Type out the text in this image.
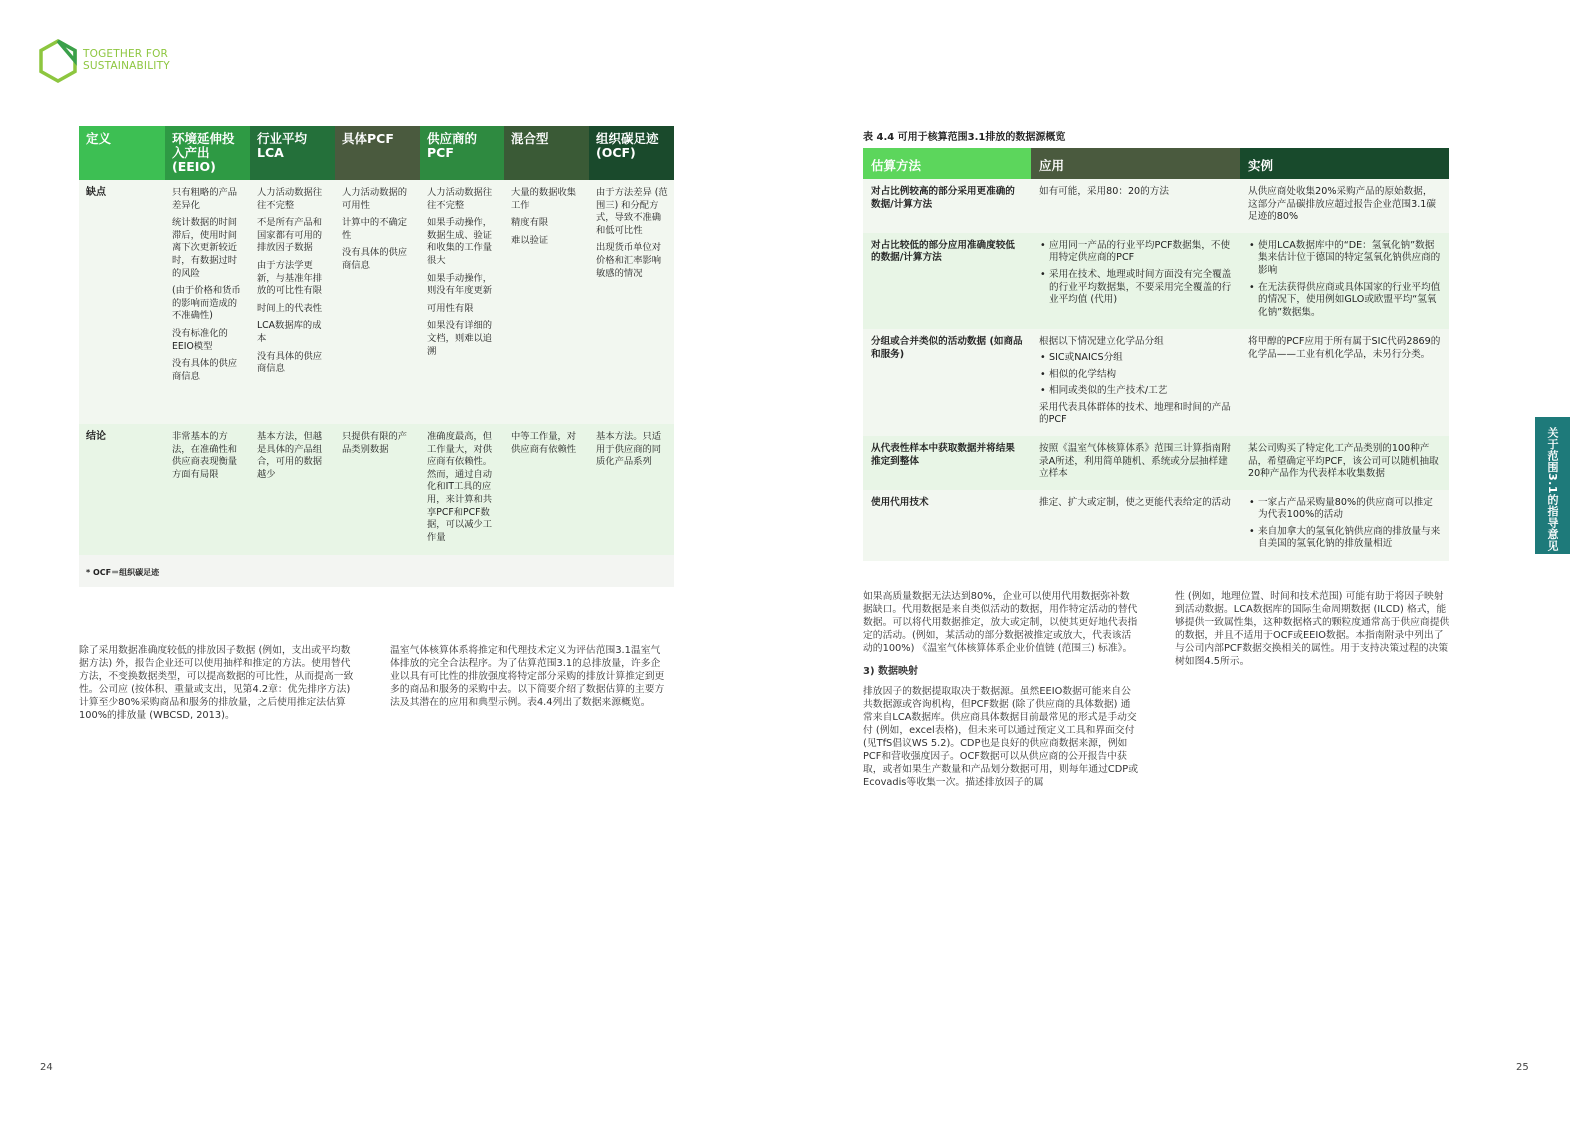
TOGETHER FOR
SUSTAINABILITY
定义	环境延伸投入产出 (EEIO)
行业平均 LCA
具体PCF	供应商的 PCF
混合型	组织碳足迹 (OCF)
缺点	只有粗略的产品差异化

统计数据的时间滞后，使用时间离下次更新较近时，有数据过时的风险

(由于价格和货币的影响而造成的不准确性)

没有标准化的EEIO模型

没有具体的供应商信息

人力活动数据往往不完整

不是所有产品和国家都有可用的排放因子数据

由于方法学更新，与基准年排放的可比性有限

时间上的代表性

LCA数据库的成本

没有具体的供应商信息

人力活动数据的可用性

计算中的不确定性

没有具体的供应商信息

人力活动数据往往不完整

如果手动操作，数据生成、验证和收集的工作量很大

如果手动操作，则没有年度更新

可用性有限

如果没有详细的文档，则难以追溯

大量的数据收集工作

精度有限

难以验证

由于方法差异 (范围三) 和分配方式，导致不准确和低可比性

出现货币单位对价格和汇率影响敏感的情况

结论	非常基本的方法，在准确性和供应商表现衡量方面有局限

基本方法，但越是具体的产品组合，可用的数据越少

只提供有限的产品类别数据

准确度最高，但工作量大，对供应商有依赖性。然而，通过自动化和IT工具的应用，来计算和共享PCF和PCF数据，可以减少工作量

中等工作量，对供应商有依赖性

基本方法。只适用于供应商的同质化产品系列

* OCF＝组织碳足迹

除了采用数据准确度较低的排放因子数据 (例如，支出或平均数据方法) 外，报告企业还可以使用抽样和推定的方法。使用替代方法，不变换数据类型，可以提高数据的可比性，从而提高一致性。公司应 (按体积、重量或支出，见第4.2章：优先排序方法) 计算至少80%采购商品和服务的排放量，之后使用推定法估算100%的排放量 (WBCSD, 2013)。

温室气体核算体系将推定和代理技术定义为评估范围3.1温室气体排放的完全合法程序。为了估算范围3.1的总排放量，许多企业以具有可比性的排放强度将特定部分采购的排放计算推定到更多的商品和服务的采购中去。以下简要介绍了数据估算的主要方法及其潜在的应用和典型示例。表4.4列出了数据来源概览。

表 4.4 可用于核算范围3.1排放的数据源概览
估算方法	应用	实例
对占比例较高的部分采用更准确的数据/计算方法

如有可能，采用80：20的方法	从供应商处收集20%采购产品的原始数据，这部分产品碳排放应超过报告企业范围3.1碳足迹的80%

对占比较低的部分应用准确度较低的数据/计算方法
• 应用同一产品的行业平均PCF数据集，不使用特定供应商的PCF
• 采用在技术、地理或时间方面没有完全覆盖的行业平均数据集，不要采用完全覆盖的行业平均值 (代用)
• 使用LCA数据库中的“DE：氢氧化钠”数据集来估计位于德国的特定氢氧化钠供应商的影响
• 在无法获得供应商或具体国家的行业平均值的情况下，使用例如GLO或欧盟平均“氢氧化钠”数据集。
分组或合并类似的活动数据 (如商品和服务)

根据以下情况建立化学品分组

• SIC或NAICS分组
• 相似的化学结构
• 相同或类似的生产技术/工艺

采用代表具体群体的技术、地理和时间的产品的PCF

将甲醇的PCF应用于所有属于SIC代码2869的化学品——工业有机化学品，未另行分类。

从代表性样本中获取数据并将结果推定到整体

按照《温室气体核算体系》范围三计算指南附录A所述，利用简单随机、系统或分层抽样建立样本

某公司购买了特定化工产品类别的100种产品，希望确定平均PCF，该公司可以随机抽取20种产品作为代表样本收集数据

使用代用技术	推定、扩大或定制，使之更能代表给定的活动

•	一家占产品采购量80%的供应商可以推定为代表100%的活动
• 来自加拿大的氢氧化钠供应商的排放量与来自美国的氢氧化钠的排放量相近

如果高质量数据无法达到80%，企业可以使用代用数据弥补数据缺口。代用数据是来自类似活动的数据，用作特定活动的替代数据。可以将代用数据推定，放大或定制，以使其更好地代表指定的活动。(例如，某活动的部分数据被推定或放大，代表该活动的100%) 《温室气体核算体系企业价值链 (范围三) 标准》。

3) 数据映射

排放因子的数据提取取决于数据源。虽然EEIO数据可能来自公共数据源或咨询机构，但PCF数据 (除了供应商的具体数据) 通常来自LCA数据库。供应商具体数据目前最常见的形式是手动交付 (例如，excel表格)，但未来可以通过预定义工具和界面交付 (见TfS倡议WS 5.2)。CDP也是良好的供应商数据来源，例如PCF和营收强度因子。OCF数据可以从供应商的公开报告中获取，或者如果生产数量和产品划分数据可用，则每年通过CDP或Ecovadis等收集一次。描述排放因子的属

性 (例如，地理位置、时间和技术范围) 可能有助于将因子映射到活动数据。LCA数据库的国际生命周期数据 (ILCD) 格式，能够提供一致属性集，这种数据格式的颗粒度通常高于供应商提供的数据，并且不适用于OCF或EEIO数据。本指南附录中列出了与公司内部PCF数据交换相关的属性。用于支持决策过程的决策树如图4.5所示。

关于范围3.1的指导意见
24	25
